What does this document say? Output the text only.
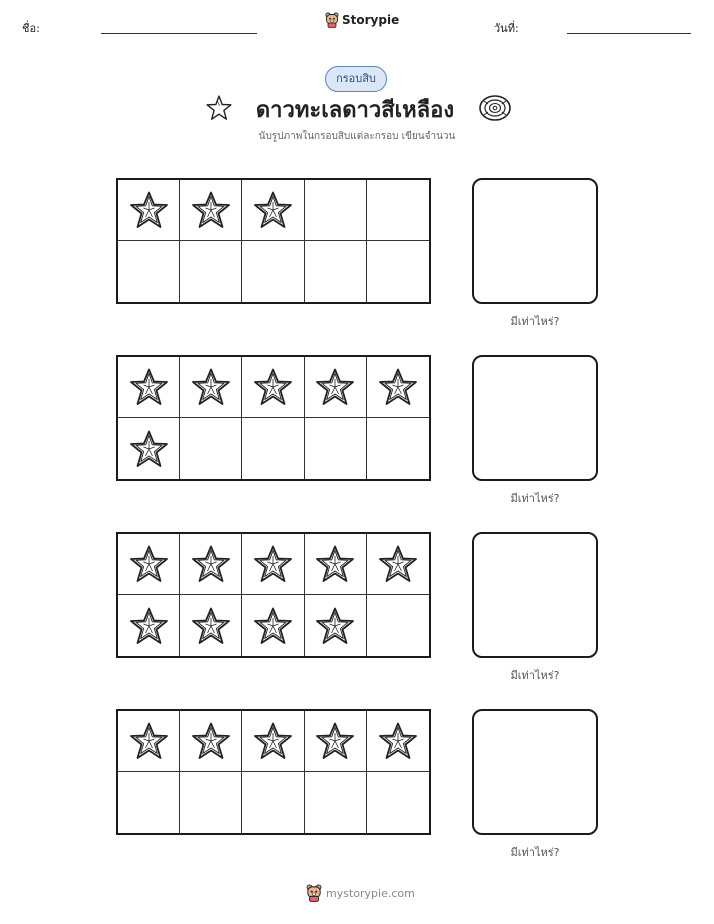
ชื่อ:
Storypie
วันที่:
กรอบสิบ
ดาวทะเลดาวสีเหลือง
นับรูปภาพในกรอบสิบแต่ละกรอบ เขียนจำนวน
มีเท่าไหร่?
มีเท่าไหร่?
มีเท่าไหร่?
มีเท่าไหร่?
mystorypie.com
